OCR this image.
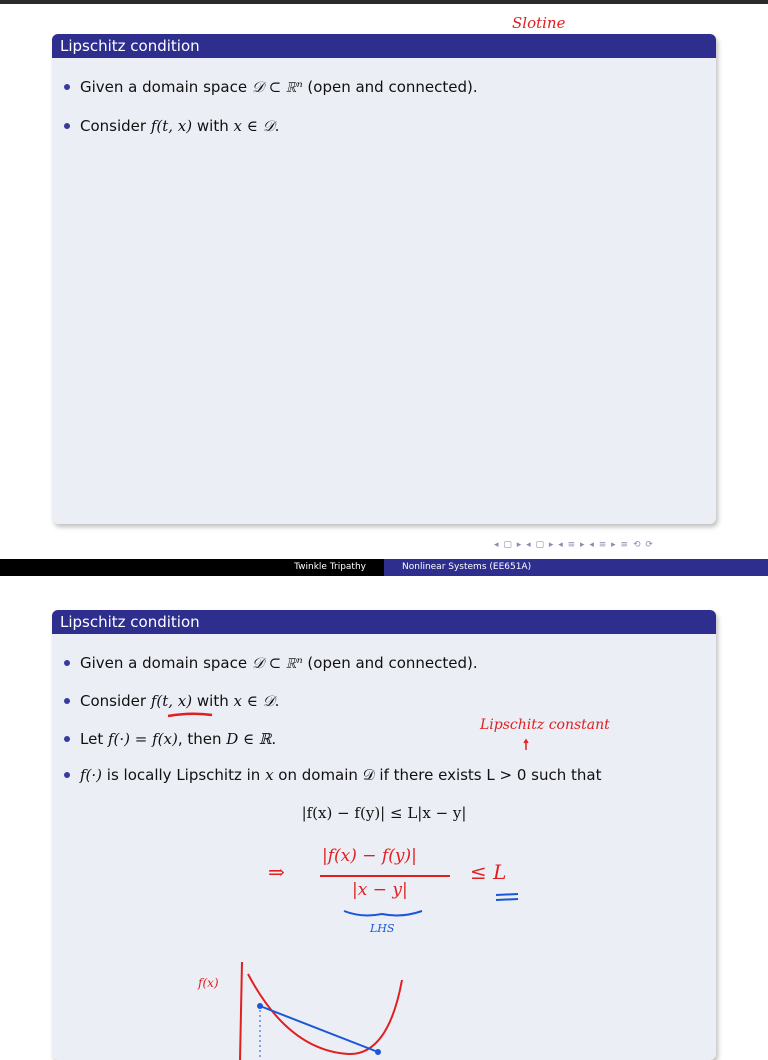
Slotine
Lipschitz condition
Given a domain space 𝒟 ⊂ ℝⁿ (open and connected).
Consider f(t, x) with x ∈ 𝒟.
◂ ▢ ▸ ◂ ▢ ▸ ◂ ≡ ▸ ◂ ≡ ▸ ≡ ⟲ ⟳
Twinkle Tripathy	Nonlinear Systems (EE651A)
Lipschitz condition
Given a domain space 𝒟 ⊂ ℝⁿ (open and connected).
Consider f(t, x) with x ∈ 𝒟.
Let f(·) = f(x), then D ∈ ℝ.
f(·) is locally Lipschitz in x on domain 𝒟 if there exists L > 0 such that
|f(x) − f(y)| ≤ L|x − y|
Lipschitz constant
⇒
|f(x) − f(y)|
|x − y|
≤ L
LHS
f(x)
